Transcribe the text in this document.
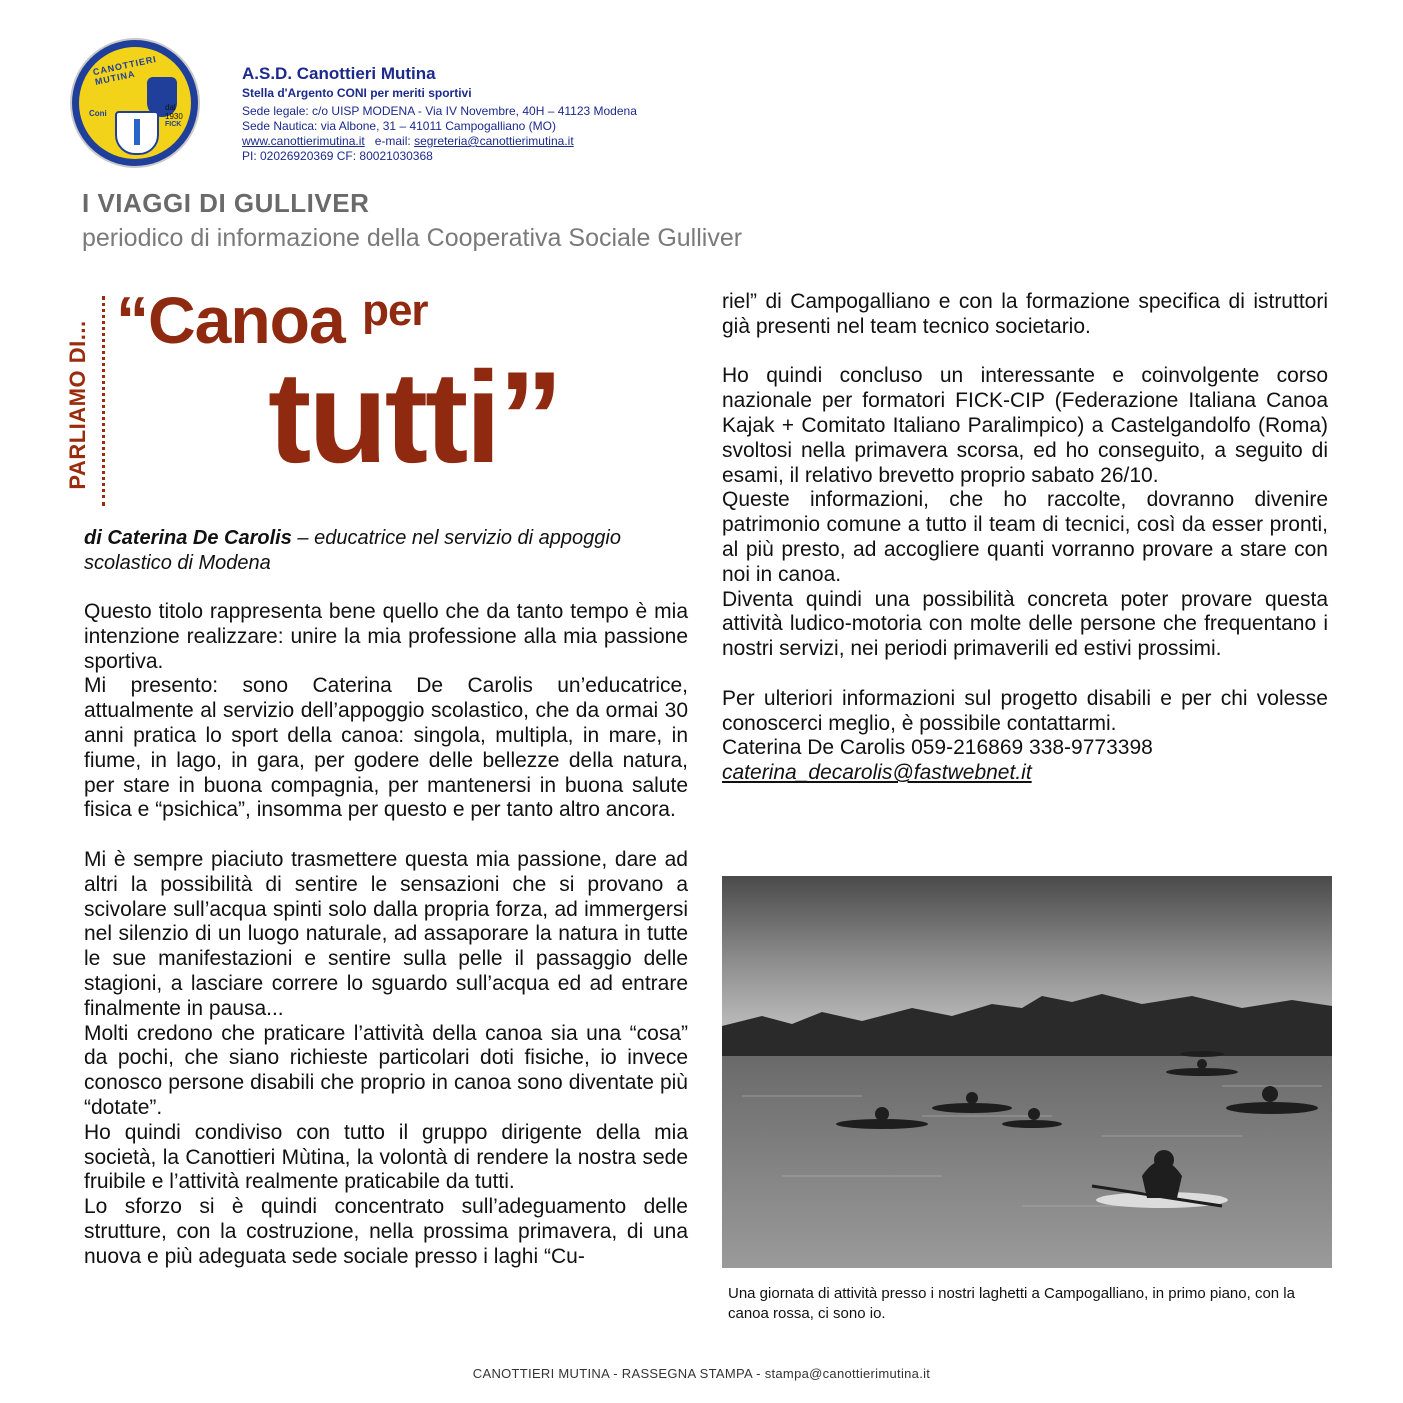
CANOTTIERI MUTINA
Coni
dal 1930
FICK
A.S.D. Canottieri Mutina
Stella d'Argento CONI per meriti sportivi
Sede legale: c/o UISP MODENA - Via IV Novembre, 40H – 41123 Modena
Sede Nautica: via Albone, 31 – 41011 Campogalliano (MO)
www.canottierimutina.it   e-mail: segreteria@canottierimutina.it
PI: 02026920369 CF: 80021030368
I VIAGGI DI GULLIVER
periodico di informazione della Cooperativa Sociale Gulliver
PARLIAMO DI...
“Canoa $^{per}$
tutti”
di Caterina De Carolis – educatrice nel servizio di appoggio scolastico di Modena

Questo titolo rappresenta bene quello che da tanto tempo è mia intenzione realizzare: unire la mia professione alla mia passione sportiva.

Mi presento: sono Caterina De Carolis un’educatrice, attualmente al servizio dell’appoggio scolastico, che da ormai 30 anni pratica lo sport della canoa: singola, multipla, in mare, in fiume, in lago, in gara, per godere delle bellezze della natura, per stare in buona compagnia, per mantenersi in buona salute fisica e “psichica”, insomma per questo e per tanto altro ancora.

Mi è sempre piaciuto trasmettere questa mia passione, dare ad altri la possibilità di sentire le sensazioni che si provano a scivolare sull’acqua spinti solo dalla propria forza, ad immergersi nel silenzio di un luogo naturale, ad assaporare la natura in tutte le sue manifestazioni e sentire sulla pelle il passaggio delle stagioni, a lasciare correre lo sguardo sull’acqua ed ad entrare finalmente in pausa...

Molti credono che praticare l’attività della canoa sia una “cosa” da pochi, che siano richieste particolari doti fisiche, io invece conosco persone disabili che proprio in canoa sono diventate più “dotate”.

Ho quindi condiviso con tutto il gruppo dirigente della mia società, la Canottieri Mùtina, la volontà di rendere la nostra sede fruibile e l’attività realmente praticabile da tutti.

Lo sforzo si è quindi concentrato sull’adeguamento delle strutture, con la costruzione, nella prossima primavera, di una nuova e più adeguata sede sociale presso i laghi “Cu-

riel” di Campogalliano e con la formazione specifica di istruttori già presenti nel team tecnico societario.

Ho quindi concluso un interessante e coinvolgente corso nazionale per formatori FICK-CIP (Federazione Italiana Canoa Kajak + Comitato Italiano Paralimpico) a Castelgandolfo (Roma) svoltosi nella primavera scorsa, ed ho conseguito, a seguito di esami, il relativo brevetto proprio sabato 26/10.

Queste informazioni, che ho raccolte, dovranno divenire patrimonio comune a tutto il team di tecnici, così da esser pronti, al più presto, ad accogliere quanti vorranno provare a stare con noi in canoa.

Diventa quindi una possibilità concreta poter provare questa attività ludico-motoria con molte delle persone che frequentano i nostri servizi, nei periodi primaverili ed estivi prossimi.

Per ulteriori informazioni sul progetto disabili e per chi volesse conoscerci meglio, è possibile contattarmi.

Caterina De Carolis 059-216869 338-9773398

caterina_decarolis@fastwebnet.it

Una giornata di attività presso i nostri laghetti a Campogalliano, in primo piano, con la canoa rossa, ci sono io.
CANOTTIERI MUTINA - RASSEGNA STAMPA - stampa@canottierimutina.it
